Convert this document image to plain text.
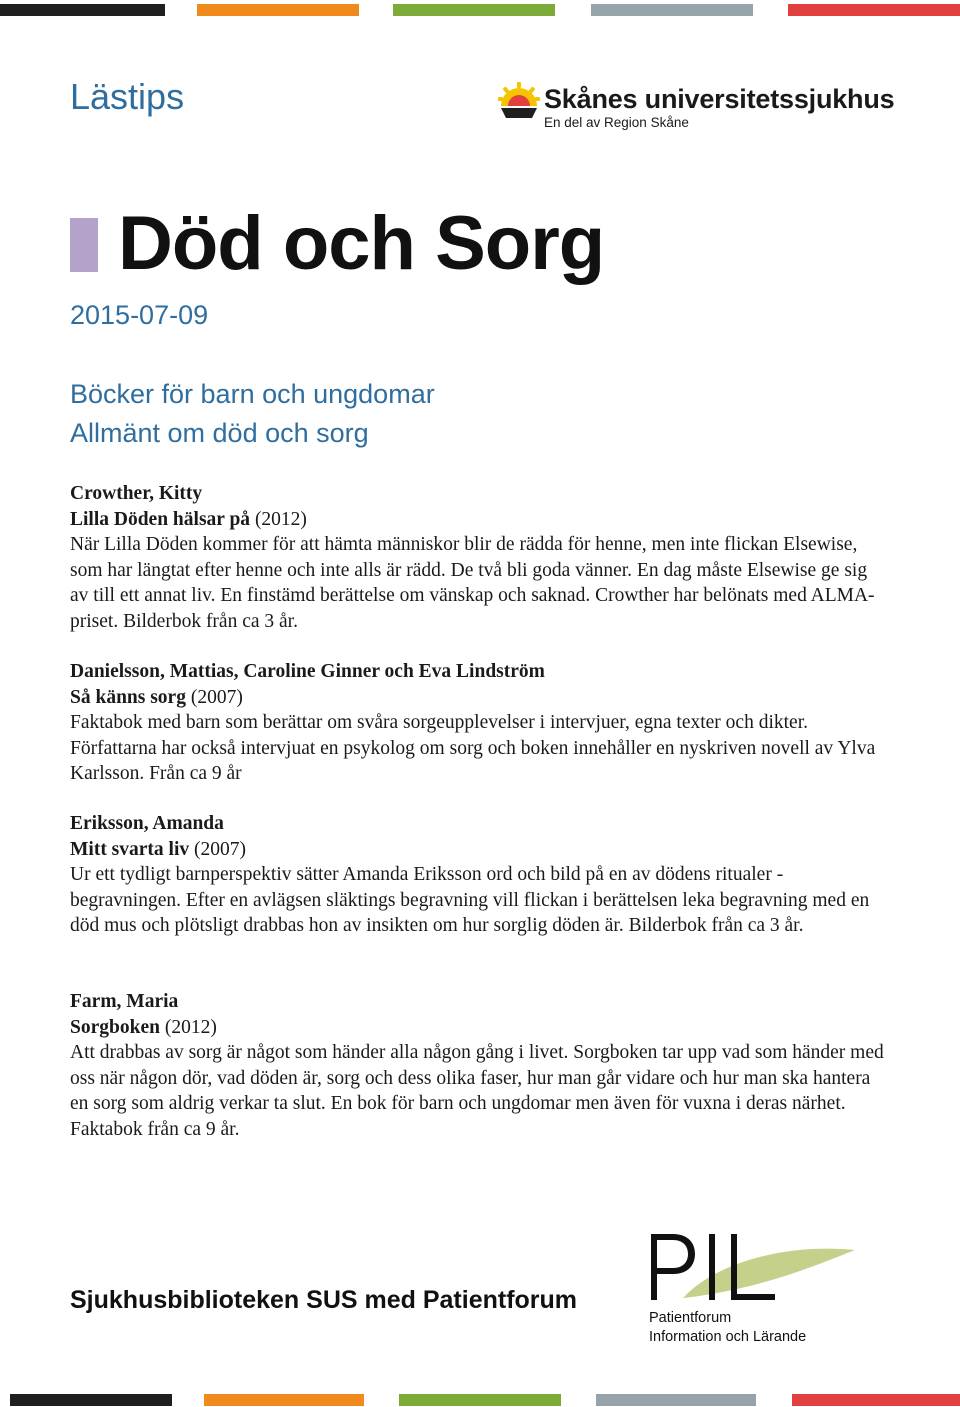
Lästips	Skånes universitetssjukhus
En del av Region Skåne
Död och Sorg
2015-07-09
Böcker för barn och ungdomar
Allmänt om död och sorg
Crowther, Kitty
Lilla Döden hälsar på (2012)
När Lilla Döden kommer för att hämta människor blir de rädda för henne, men inte flickan Elsewise, som har längtat efter henne och inte alls är rädd. De två bli goda vänner. En dag måste Elsewise ge sig av till ett annat liv. En finstämd berättelse om vänskap och saknad. Crowther har belönats med ALMA-priset. Bilderbok från ca 3 år.
Danielsson, Mattias, Caroline Ginner och Eva Lindström
Så känns sorg (2007)
Faktabok med barn som berättar om svåra sorgeupplevelser i intervjuer, egna texter och dikter. Författarna har också intervjuat en psykolog om sorg och boken innehåller en nyskriven novell av Ylva Karlsson. Från ca 9 år
Eriksson, Amanda
Mitt svarta liv (2007)
Ur ett tydligt barnperspektiv sätter Amanda Eriksson ord och bild på en av dödens ritualer - begravningen. Efter en avlägsen släktings begravning vill flickan i berättelsen leka begravning med en död mus och plötsligt drabbas hon av insikten om hur sorglig döden är. Bilderbok från ca 3 år.
Farm, Maria
Sorgboken (2012)
Att drabbas av sorg är något som händer alla någon gång i livet. Sorgboken tar upp vad som händer med oss när någon dör, vad döden är, sorg och dess olika faser, hur man går vidare och hur man ska hantera en sorg som aldrig verkar ta slut. En bok för barn och ungdomar men även för vuxna i deras närhet. Faktabok från ca 9 år.
Sjukhusbiblioteken SUS med Patientforum
Patientforum
Information och Lärande
